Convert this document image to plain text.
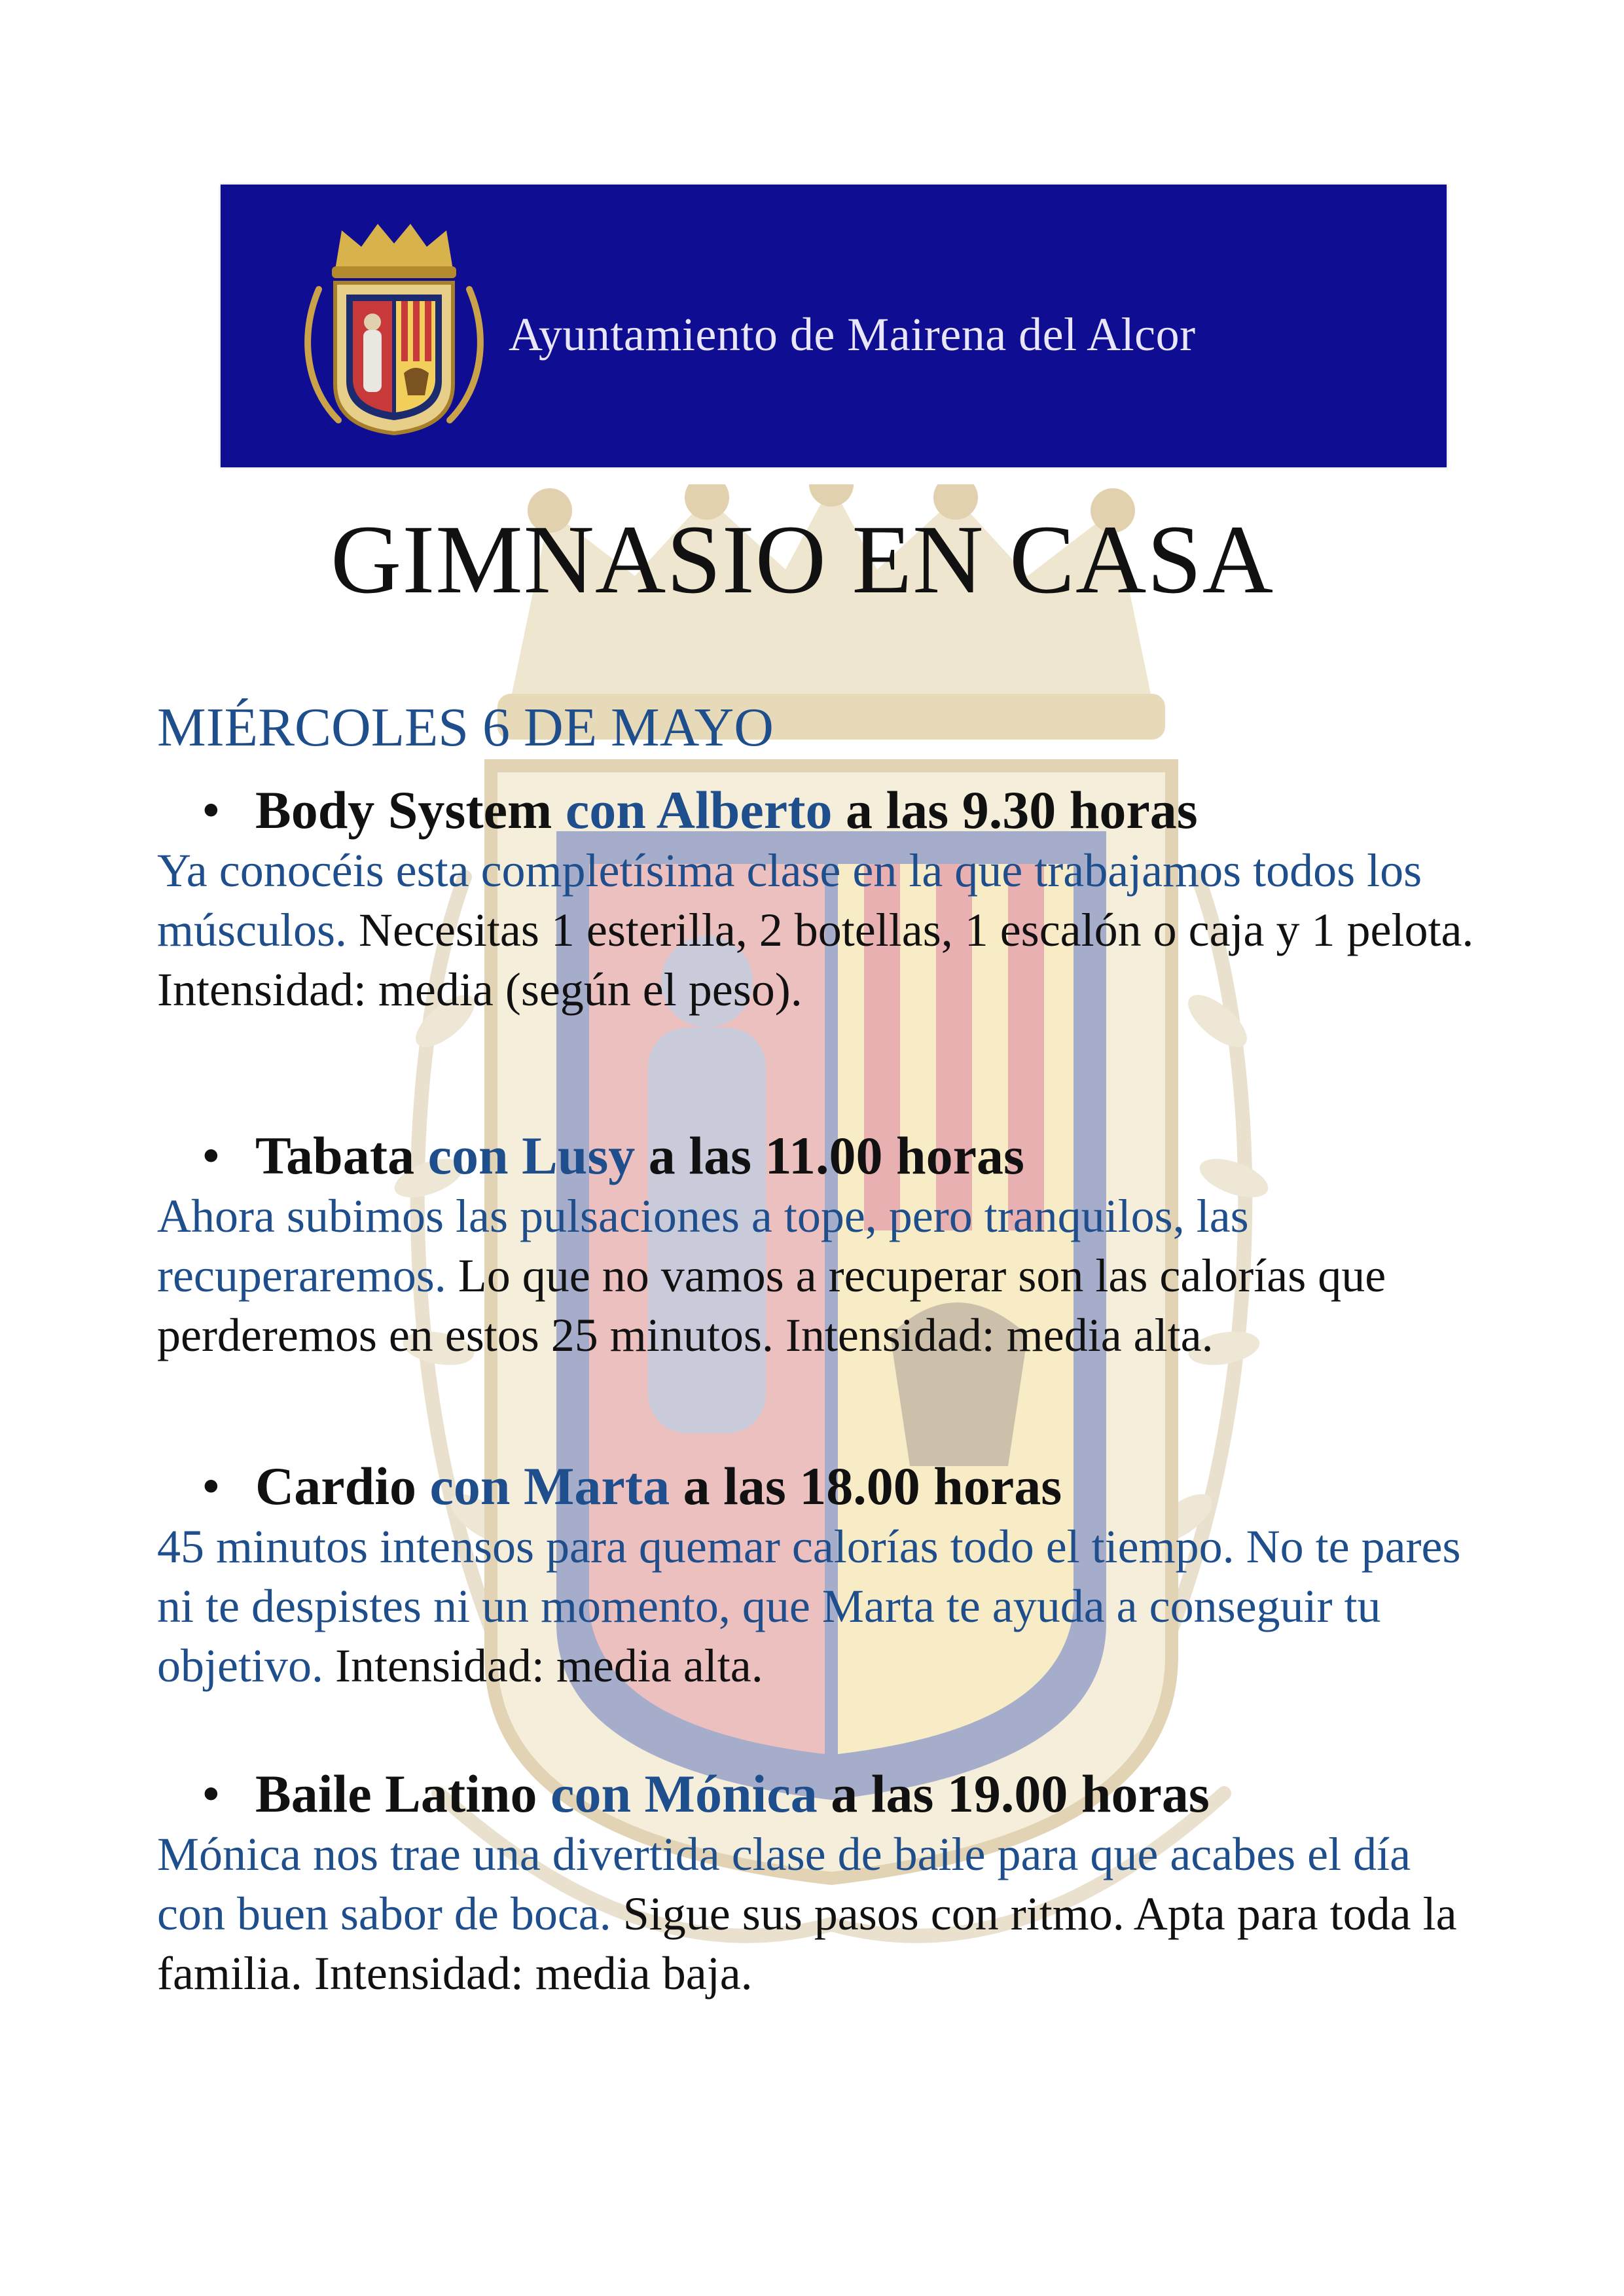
Ayuntamiento de Mairena del Alcor
GIMNASIO EN CASA
MIÉRCOLES 6 DE MAYO
• Body System con Alberto a las 9.30 horas
Ya conocéis esta completísima clase en la que trabajamos todos los músculos. Necesitas 1 esterilla, 2 botellas, 1 escalón o caja y 1 pelota. Intensidad: media (según el peso).
• Tabata con Lusy a las 11.00 horas
Ahora subimos las pulsaciones a tope, pero tranquilos, las recuperaremos. Lo que no vamos a recuperar son las calorías que perderemos en estos 25 minutos. Intensidad: media alta.
• Cardio con Marta a las 18.00 horas
45 minutos intensos para quemar calorías todo el tiempo. No te pares ni te despistes ni un momento, que Marta te ayuda a conseguir tu objetivo. Intensidad: media alta.
• Baile Latino con Mónica a las 19.00 horas
Mónica nos trae una divertida clase de baile para que acabes el día con buen sabor de boca. Sigue sus pasos con ritmo. Apta para toda la familia. Intensidad: media baja.
